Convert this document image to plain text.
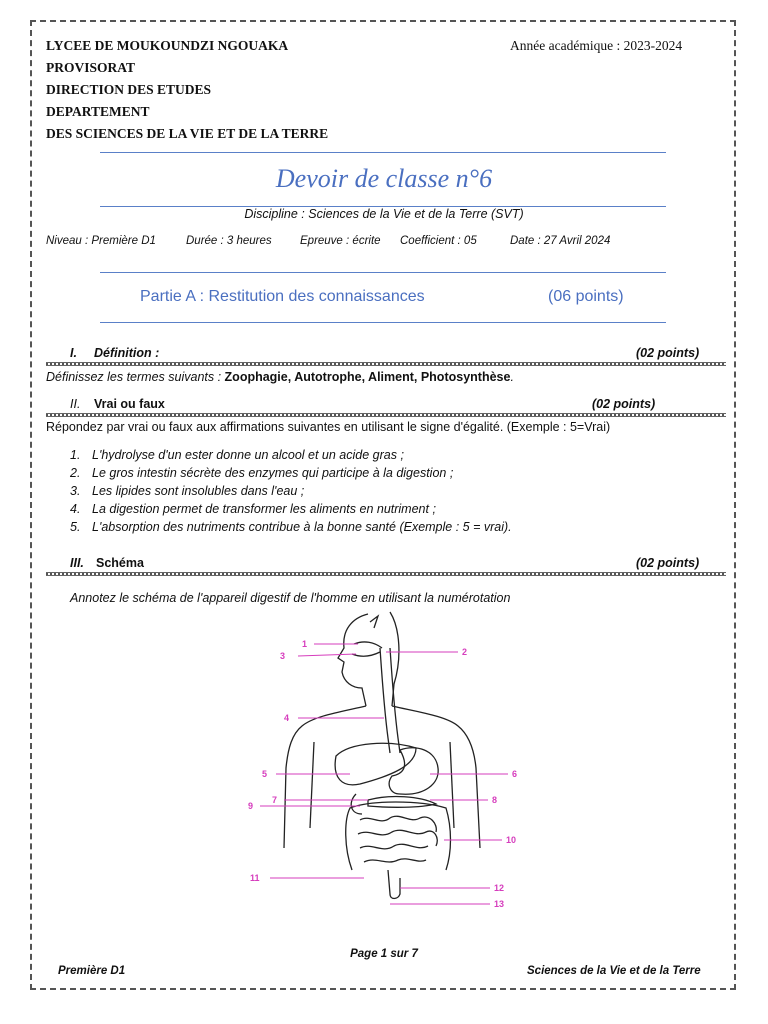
LYCEE DE MOUKOUNDZI NGOUAKA	Année académique : 2023-2024
PROVISORAT
DIRECTION DES ETUDES
DEPARTEMENT
DES SCIENCES DE LA VIE ET DE LA TERRE
Devoir de classe n°6
Discipline : Sciences de la Vie et de la Terre (SVT)
Niveau : Première D1	Durée : 3 heures Epreuve : écrite Coefficient : 05	Date : 27 Avril 2024
Partie A : Restitution des connaissances	(06 points)
I. Définition :	(02 points)
Définissez les termes suivants : Zoophagie, Autotrophe, Aliment, Photosynthèse.
II. Vrai ou faux	(02 points)
Répondez par vrai ou faux aux affirmations suivantes en utilisant le signe d'égalité. (Exemple : 5=Vrai)
1. L'hydrolyse d'un ester donne un alcool et un acide gras ;
2. Le gros intestin sécrète des enzymes qui participe à la digestion ;
3. Les lipides sont insolubles dans l'eau ;
4. La digestion permet de transformer les aliments en nutriment ;
5. L'absorption des nutriments contribue à la bonne santé (Exemple : 5 = vrai).
III. Schéma	(02 points)
Annotez le schéma de l'appareil digestif de l'homme en utilisant la numérotation
1
2
3
4
5	6
7	8
9
10
11
12
13
Page 1 sur 7
Première D1	Sciences de la Vie et de la Terre
